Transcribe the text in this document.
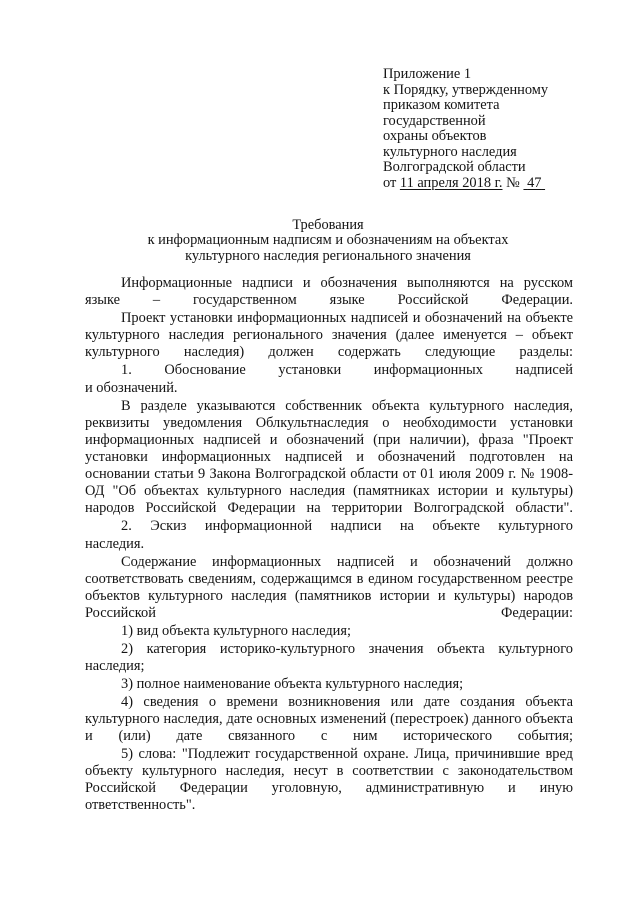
Приложение 1
к Порядку, утвержденному
приказом комитета
государственной
охраны объектов
культурного наследия
Волгоградской области
от 11 апреля 2018 г. № 47
Требования
к информационным надписям и обозначениям на объектах
культурного наследия регионального значения

Информационные надписи и обозначения выполняются на русском языке – государственном языке Российской Федерации.

Проект установки информационных надписей и обозначений на объекте культурного наследия регионального значения (далее именуется – объект культурного наследия) должен содержать следующие разделы:

1. Обоснование установки информационных надписей

и обозначений.

В разделе указываются собственник объекта культурного наследия, реквизиты уведомления Облкультнаследия о необходимости установки информационных надписей и обозначений (при наличии), фраза "Проект установки информационных надписей и обозначений подготовлен на основании статьи 9 Закона Волгоградской области от 01 июля 2009 г. № 1908-ОД "Об объектах культурного наследия (памятниках истории и культуры) народов Российской Федерации на территории Волгоградской области".

2. Эскиз информационной надписи на объекте культурного

наследия.

Содержание информационных надписей и обозначений должно соответствовать сведениям, содержащимся в едином государственном реестре объектов культурного наследия (памятников истории и культуры) народов Российской Федерации:

1) вид объекта культурного наследия;

2) категория историко-культурного значения объекта культурного наследия;

3) полное наименование объекта культурного наследия;

4) сведения о времени возникновения или дате создания объекта культурного наследия, дате основных изменений (перестроек) данного объекта и (или) дате связанного с ним исторического события;

5) слова: "Подлежит государственной охране. Лица, причинившие вред объекту культурного наследия, несут в соответствии с законодательством Российской Федерации уголовную, административную и иную ответственность".
